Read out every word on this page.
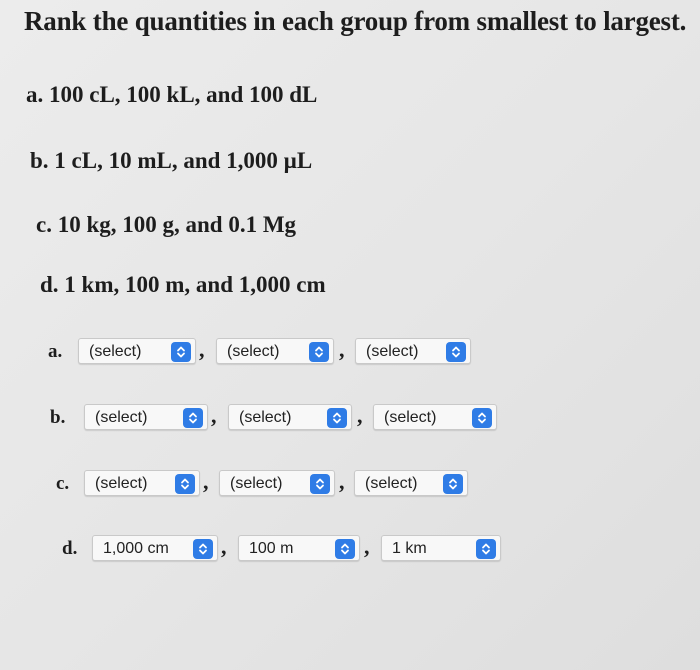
Rank the quantities in each group from smallest to largest.
a. 100 cL, 100 kL, and 100 dL
b. 1 cL, 10 mL, and 1,000 µL
c. 10 kg, 100 g, and 0.1 Mg
d. 1 km, 100 m, and 1,000 cm
a. (select)	, (select)	, (select)
b. (select)	, (select)	, (select)
c. (select)	, (select)	, (select)
d. 1,000 cm , 100 m	, 1 km
